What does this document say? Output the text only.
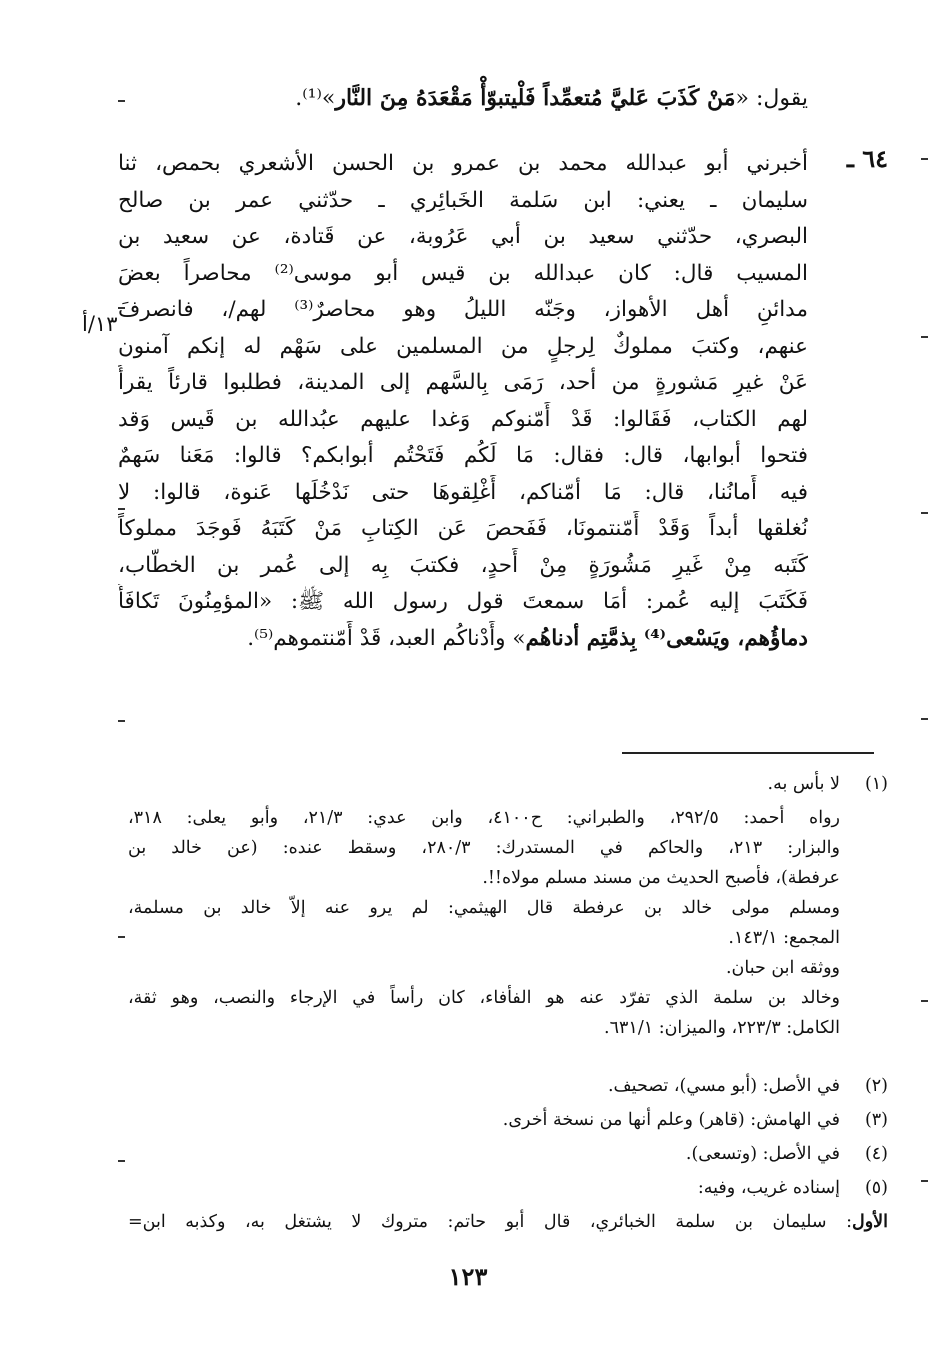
يقول: «مَنْ كَذَبَ عَليَّ مُتعمِّداً فَلْيتبوّأْ مَقْعَدَهُ مِنَ النَّار»⁽¹⁾.
٦٤ ـ
١٣/أ
أخبرني أبو عبدالله محمد بن عمرو بن الحسن الأشعري بحمص، ثنا
سليمان ـ يعني: ابن سَلمة الخَبائِري ـ حدّثني عمر بن صالح
البصري، حدّثني سعيد بن أبي عَرُوبة، عن قَتادة، عن سعيد بن
المسيب قال: كان عبدالله بن قيس أبو موسى⁽²⁾ محاصراً بعضَ
مدائنِ أهل الأهواز، وجَنّه الليلُ وهو محاصرٌ⁽³⁾ لهم/، فانصرفَ
عنهم، وكتبَ مملوكٌ لِرجلٍ من المسلمين على سَهْم له إنكم آمنون
عَنْ غيرِ مَشورةٍ من أحد، رَمَى بِالسَّهم إلى المدينة، فطلبوا قارئاً يقرأُ
لهم الكتاب، فَقَالوا: قَدْ أَمّنوكم وَغدا عليهم عبُدالله بن قَيس وَقد
فتحوا أبوابها، قال: فقال: مَا لَكُم فَتَحْتُم أبوابكم؟ قالوا: مَعَنا سَهمٌ
فيه أَمانُنا، قال: مَا أمّناكم، أَغْلِقوهَا حتى نَدْخُلَها عَنوة، قالوا: لا
نُغلقها أبداً وَقَدْ أَمّنتمونَا، فَفَحصَ عَن الكِتابِ مَنْ كَتَبَهُ فَوجَدَ مملوكاً
كَتَبه مِنْ غَيرِ مَشُورَةٍ مِنْ أَحدٍ، فكتبَ بِه إلى عُمر بن الخطّاب،
فَكَتَبَ إليه عُمر: أمَا سمعتَ قول رسول الله ﷺ: «المؤمِنُونَ تَكافَأُ
دماؤُهم، ويَسْعى⁽⁴⁾ بِذمَّتِم أدناهُم» وأَدْناكُم العبد، قَدْ أَمّنتموهم⁽⁵⁾.
(١)
لا بأس به.
رواه أحمد: ٢٩٢/٥، والطبراني: ح٤١٠٠، وابن عدي: ٢١/٣، وأبو يعلى: ٣١٨،
والبزار: ٢١٣، والحاكم في المستدرك: ٢٨٠/٣، وسقط عنده: (عن خالد بن
عرفطة)، فأصبح الحديث من مسند مسلم مولاه!!.
ومسلم مولى خالد بن عرفطة قال الهيثمي: لم يرو عنه إلاّ خالد بن مسلمة،
المجمع: ١٤٣/١.
ووثقه ابن حبان.
وخالد بن سلمة الذي تفرّد عنه هو الفأفاء، كان رأساً في الإرجاء والنصب، وهو ثقة،
الكامل: ٢٢٣/٣، والميزان: ٦٣١/١.
(٢)
في الأصل: (أبو مسي)، تصحيف.
(٣)
في الهامش: (قاهر) وعلم أنها من نسخة أخرى.
(٤)
في الأصل: (وتسعى).
(٥)
إسناده غريب، وفيه:
الأول: سليمان بن سلمة الخبائري، قال أبو حاتم: متروك لا يشتغل به، وكذبه ابن=
١٢٣
